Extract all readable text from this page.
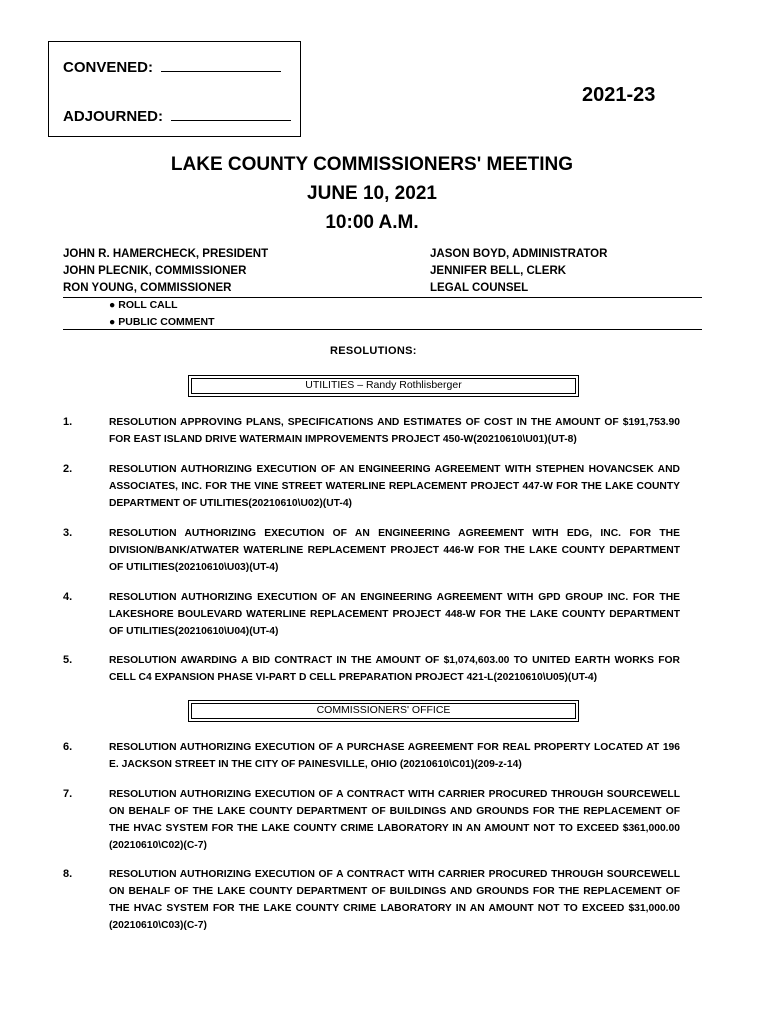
CONVENED:
ADJOURNED:
2021-23
LAKE COUNTY COMMISSIONERS' MEETING
JUNE 10, 2021
10:00 A.M.
JOHN R. HAMERCHECK, PRESIDENT
JOHN PLECNIK, COMMISSIONER
RON YOUNG, COMMISSIONER
JASON BOYD, ADMINISTRATOR
JENNIFER BELL, CLERK
LEGAL COUNSEL
● ROLL CALL
● PUBLIC COMMENT
RESOLUTIONS:
UTILITIES – Randy Rothlisberger
1.	RESOLUTION APPROVING PLANS, SPECIFICATIONS AND ESTIMATES OF COST IN THE AMOUNT OF $191,753.90 FOR EAST ISLAND DRIVE WATERMAIN IMPROVEMENTS PROJECT 450-W(20210610\U01)(UT-8)
2.	RESOLUTION AUTHORIZING EXECUTION OF AN ENGINEERING AGREEMENT WITH STEPHEN HOVANCSEK AND ASSOCIATES, INC. FOR THE VINE STREET WATERLINE REPLACEMENT PROJECT 447-W FOR THE LAKE COUNTY DEPARTMENT OF UTILITIES(20210610\U02)(UT-4)
3.	RESOLUTION AUTHORIZING EXECUTION OF AN ENGINEERING AGREEMENT WITH EDG, INC. FOR THE DIVISION/BANK/ATWATER WATERLINE REPLACEMENT PROJECT 446-W FOR THE LAKE COUNTY DEPARTMENT OF UTILITIES(20210610\U03)(UT-4)
4.	RESOLUTION AUTHORIZING EXECUTION OF AN ENGINEERING AGREEMENT WITH GPD GROUP INC. FOR THE LAKESHORE BOULEVARD WATERLINE REPLACEMENT PROJECT 448-W FOR THE LAKE COUNTY DEPARTMENT OF UTILITIES(20210610\U04)(UT-4)
5.	RESOLUTION AWARDING A BID CONTRACT IN THE AMOUNT OF $1,074,603.00 TO UNITED EARTH WORKS FOR CELL C4 EXPANSION PHASE VI-PART D CELL PREPARATION PROJECT 421-L(20210610\U05)(UT-4)
COMMISSIONERS' OFFICE
6.	RESOLUTION AUTHORIZING EXECUTION OF A PURCHASE AGREEMENT FOR REAL PROPERTY LOCATED AT 196 E. JACKSON STREET IN THE CITY OF PAINESVILLE, OHIO (20210610\C01)(209-z-14)
7.	RESOLUTION AUTHORIZING EXECUTION OF A CONTRACT WITH CARRIER PROCURED THROUGH SOURCEWELL ON BEHALF OF THE LAKE COUNTY DEPARTMENT OF BUILDINGS AND GROUNDS FOR THE REPLACEMENT OF THE HVAC SYSTEM FOR THE LAKE COUNTY CRIME LABORATORY IN AN AMOUNT NOT TO EXCEED $361,000.00 (20210610\C02)(C-7)
8.	RESOLUTION AUTHORIZING EXECUTION OF A CONTRACT WITH CARRIER PROCURED THROUGH SOURCEWELL ON BEHALF OF THE LAKE COUNTY DEPARTMENT OF BUILDINGS AND GROUNDS FOR THE REPLACEMENT OF THE HVAC SYSTEM FOR THE LAKE COUNTY CRIME LABORATORY IN AN AMOUNT NOT TO EXCEED $31,000.00 (20210610\C03)(C-7)
